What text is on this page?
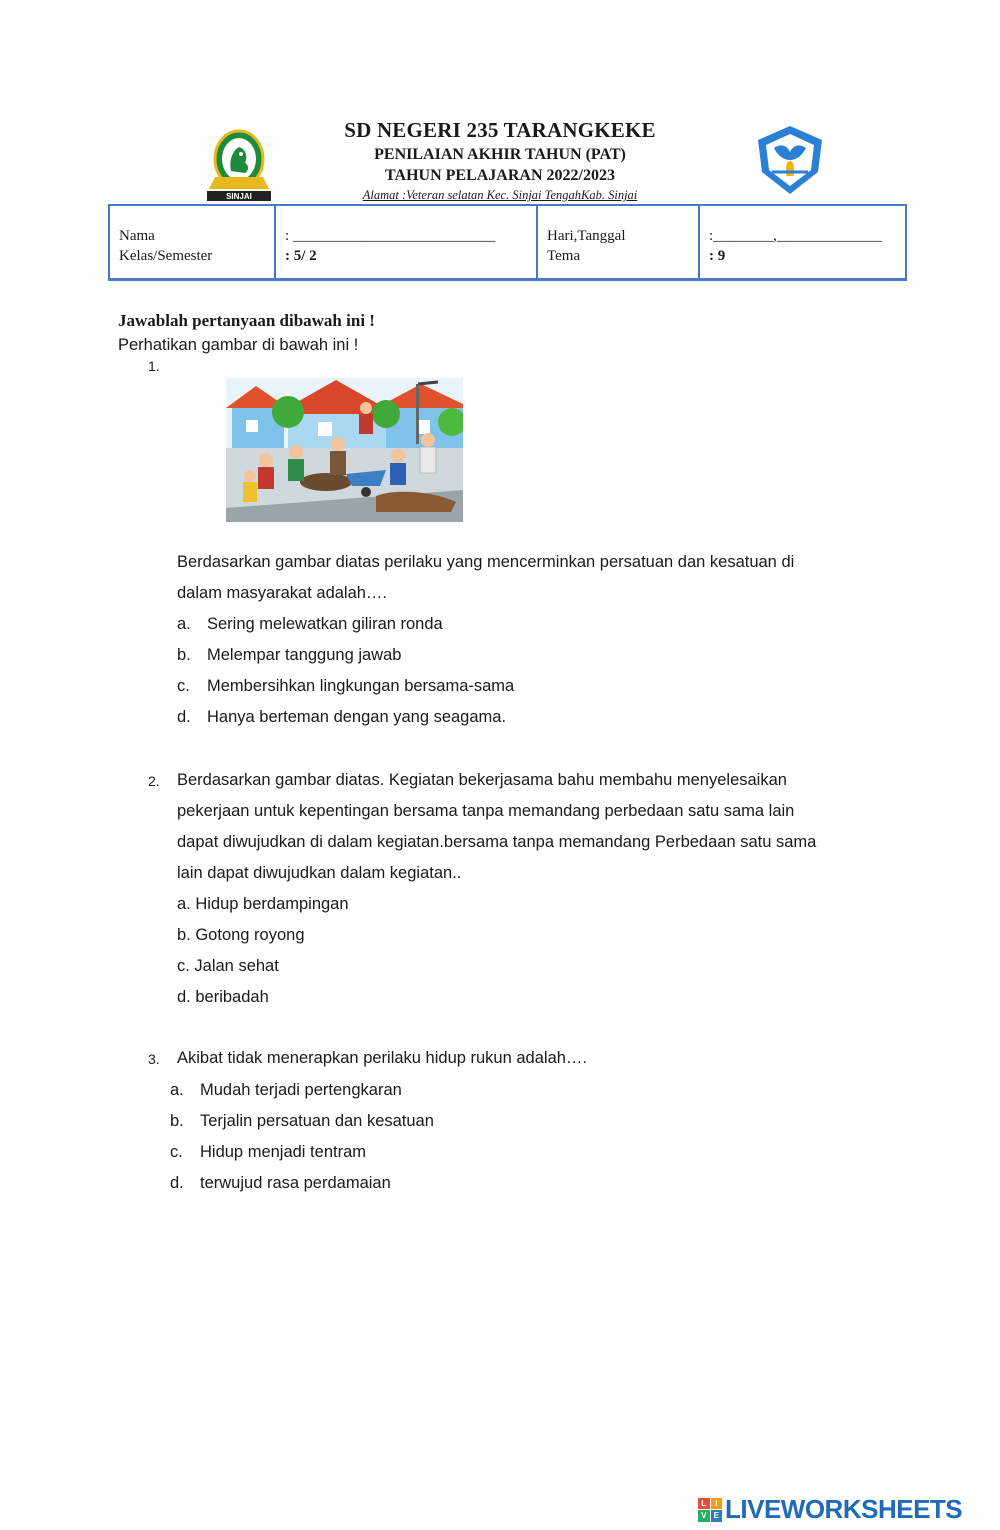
SINJAI
SD NEGERI 235 TARANGKEKE
PENILAIAN AKHIR TAHUN (PAT)
TAHUN PELAJARAN 2022/2023
Alamat :Veteran selatan Kec. Sinjai TengahKab. Sinjai
Nama
Kelas/Semester
: ___________________________
: 5/ 2
Hari,Tanggal
Tema
:________,______________
: 9
Jawablah pertanyaan dibawah ini !
Perhatikan gambar di bawah ini !
1.
Berdasarkan gambar diatas perilaku yang mencerminkan persatuan dan kesatuan di
dalam masyarakat adalah….
a. Sering melewatkan giliran ronda
b. Melempar tanggung jawab
c. Membersihkan lingkungan bersama-sama
d. Hanya berteman dengan yang seagama.
2. Berdasarkan gambar diatas. Kegiatan bekerjasama bahu membahu menyelesaikan
pekerjaan untuk kepentingan bersama tanpa memandang perbedaan satu sama lain
dapat diwujudkan di dalam kegiatan.bersama tanpa memandang Perbedaan satu sama
lain dapat diwujudkan dalam kegiatan..
a. Hidup berdampingan
b. Gotong royong
c. Jalan sehat
d. beribadah
3. Akibat tidak menerapkan perilaku hidup rukun adalah….
a. Mudah terjadi pertengkaran
b. Terjalin persatuan dan kesatuan
c. Hidup menjadi tentram
d. terwujud rasa perdamaian
L	I
V E LIVEWORKSHEETS
